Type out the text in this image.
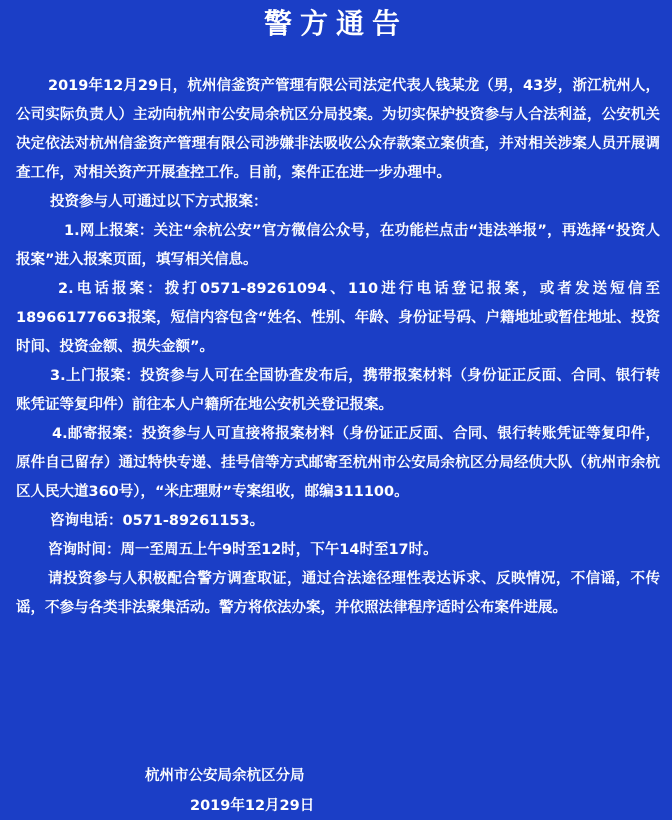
警方通告

2019年12月29日，杭州信釜资产管理有限公司法定代表人钱某龙（男，43岁，浙江杭州人，公司实际负责人）主动向杭州市公安局余杭区分局投案。为切实保护投资参与人合法利益，公安机关决定依法对杭州信釜资产管理有限公司涉嫌非法吸收公众存款案立案侦查，并对相关涉案人员开展调查工作，对相关资产开展查控工作。目前，案件正在进一步办理中。

投资参与人可通过以下方式报案：

1.网上报案：关注“余杭公安”官方微信公众号，在功能栏点击“违法举报”，再选择“投资人报案”进入报案页面，填写相关信息。

2.电话报案：拨打0571-89261094、110进行电话登记报案，或者发送短信至18966177663报案，短信内容包含“姓名、性别、年龄、身份证号码、户籍地址或暂住地址、投资时间、投资金额、损失金额”。

3.上门报案：投资参与人可在全国协查发布后，携带报案材料（身份证正反面、合同、银行转账凭证等复印件）前往本人户籍所在地公安机关登记报案。

4.邮寄报案：投资参与人可直接将报案材料（身份证正反面、合同、银行转账凭证等复印件，原件自己留存）通过特快专递、挂号信等方式邮寄至杭州市公安局余杭区分局经侦大队（杭州市余杭区人民大道360号），“米庄理财”专案组收，邮编311100。

咨询电话：0571-89261153。

咨询时间：周一至周五上午9时至12时，下午14时至17时。

请投资参与人积极配合警方调查取证，通过合法途径理性表达诉求、反映情况，不信谣，不传谣，不参与各类非法聚集活动。警方将依法办案，并依照法律程序适时公布案件进展。

杭州市公安局余杭区分局
2019年12月29日
